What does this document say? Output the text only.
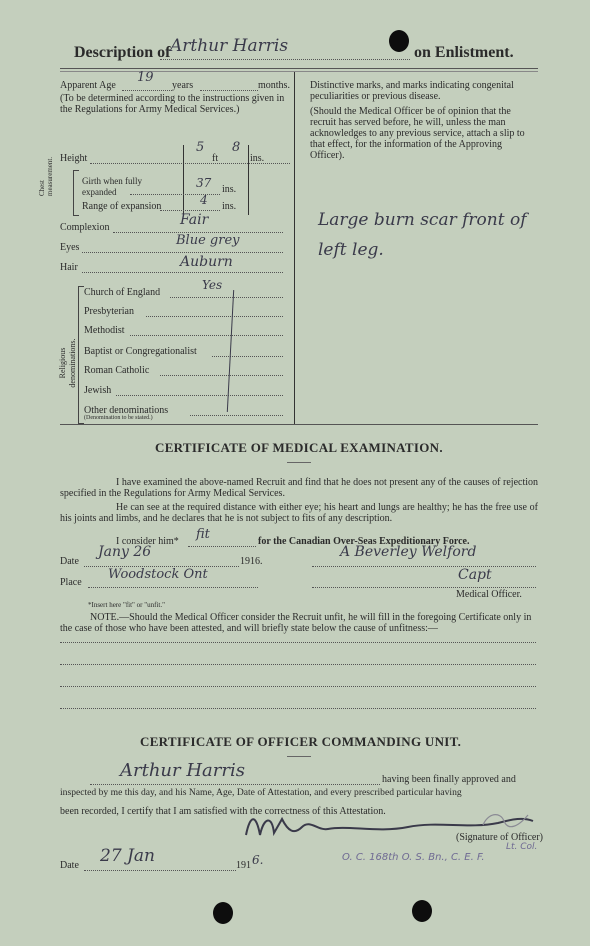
Description of Arthur Harris	on Enlistment.
Apparent Age
19
years	months.
(To be determined according to the instructions given in the Regulations for Army Medical Services.)
Height
5
ft
8
ins.
Chest measurement.	Girth when fully expanded
37 ins.
Range of expansion	4 ins.
Complexion	Fair
Eyes	Blue grey
Hair	Auburn
Religious denominations.
Church of England
Yes
Presbyterian
Methodist
Baptist or Congregationalist
Roman Catholic
Jewish
Other denominations
(Denomination to be stated.)
Distinctive marks, and marks indicating congenital peculiarities or previous disease.
(Should the Medical Officer be of opinion that the recruit has served before, he will, unless the man acknowledges to any previous service, attach a slip to that effect, for the information of the Approving Officer).
Large burn scar front of left leg.
CERTIFICATE OF MEDICAL EXAMINATION.
I have examined the above-named Recruit and find that he does not present any of the causes of rejection specified in the Regulations for Army Medical Services.
He can see at the required distance with either eye; his heart and lungs are healthy; he has the free use of his joints and limbs, and he declares that he is not subject to fits of any description.
I consider him* fit	for the Canadian Over-Seas Expeditionary Force.
Date
Jany 26
1916.
A Beverley Welford
Place
Woodstock Ont	Capt
Medical Officer.
*Insert here "fit" or "unfit."
NOTE.—Should the Medical Officer consider the Recruit unfit, he will fill in the foregoing Certificate only in the case of those who have been attested, and will briefly state below the cause of unfitness:—
CERTIFICATE OF OFFICER COMMANDING UNIT.
Arthur Harris	having been finally approved and
inspected by me this day, and his Name, Age, Date of Attestation, and every prescribed particular having
been recorded, I certify that I am satisfied with the correctness of this Attestation.
(Signature of Officer)
Lt. Col.
O. C. 168th O. S. Bn., C. E. F.
Date 27 Jan	191 6.
